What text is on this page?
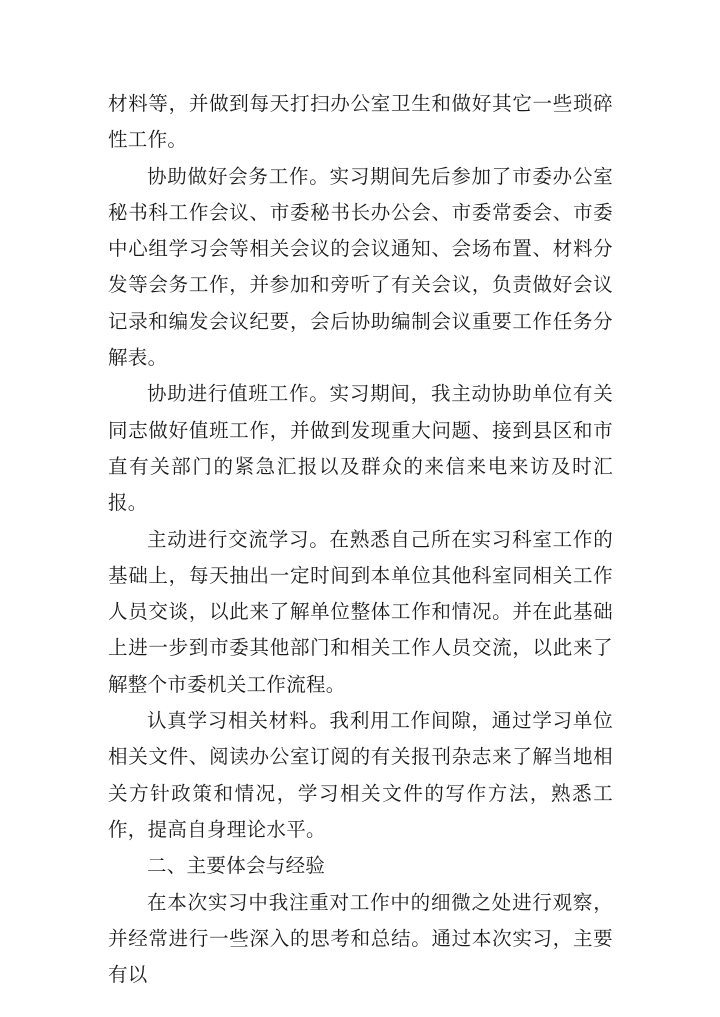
材料等，并做到每天打扫办公室卫生和做好其它一些琐碎性工作。

协助做好会务工作。实习期间先后参加了市委办公室秘书科工作会议、市委秘书长办公会、市委常委会、市委中心组学习会等相关会议的会议通知、会场布置、材料分发等会务工作，并参加和旁听了有关会议，负责做好会议记录和编发会议纪要，会后协助编制会议重要工作任务分解表。

协助进行值班工作。实习期间，我主动协助单位有关同志做好值班工作，并做到发现重大问题、接到县区和市直有关部门的紧急汇报以及群众的来信来电来访及时汇报。

主动进行交流学习。在熟悉自己所在实习科室工作的基础上，每天抽出一定时间到本单位其他科室同相关工作人员交谈，以此来了解单位整体工作和情况。并在此基础上进一步到市委其他部门和相关工作人员交流，以此来了解整个市委机关工作流程。

认真学习相关材料。我利用工作间隙，通过学习单位相关文件、阅读办公室订阅的有关报刊杂志来了解当地相关方针政策和情况，学习相关文件的写作方法，熟悉工作，提高自身理论水平。

二、主要体会与经验

在本次实习中我注重对工作中的细微之处进行观察，并经常进行一些深入的思考和总结。通过本次实习，主要有以
